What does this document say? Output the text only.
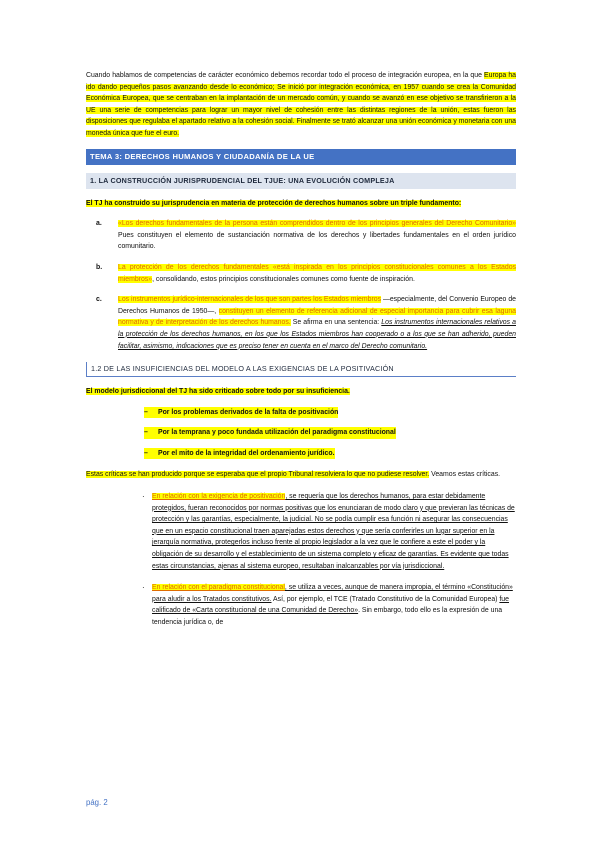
Cuando hablamos de competencias de carácter económico debemos recordar todo el proceso de integración europea, en la que Europa ha ido dando pequeños pasos avanzando desde lo económico; Se inició por integración económica, en 1957 cuando se crea la Comunidad Económica Europea, que se centraban en la implantación de un mercado común, y cuando se avanzó en ese objetivo se transfirieron a la UE una serie de competencias para lograr un mayor nivel de cohesión entre las distintas regiones de la unión, estas fueron las disposiciones que regulaba el apartado relativo a la cohesión social. Finalmente se trató alcanzar una unión económica y monetaria con una moneda única que fue el euro.

TEMA 3: DERECHOS HUMANOS Y CIUDADANÍA DE LA UE
1. LA CONSTRUCCIÓN JURISPRUDENCIAL DEL TJUE: UNA EVOLUCIÓN COMPLEJA

El TJ ha construido su jurisprudencia en materia de protección de derechos humanos sobre un triple fundamento:

a.	«Los derechos fundamentales de la persona están comprendidos dentro de los principios generales del Derecho Comunitario» Pues constituyen el elemento de sustanciación normativa de los derechos y libertades fundamentales en el orden jurídico comunitario.
b.	La protección de los derechos fundamentales «está inspirada en los principios constitucionales comunes a los Estados miembros», consolidando, estos principios constitucionales comunes como fuente de inspiración.
c.	Los instrumentos jurídico-internacionales de los que son partes los Estados miembros —especialmente, del Convenio Europeo de Derechos Humanos de 1950—, constituyen un elemento de referencia adicional de especial importancia para cubrir esa laguna normativa y de interpretación de los derechos humanos. Se afirma en una sentencia: Los instrumentos internacionales relativos a la protección de los derechos humanos, en los que los Estados miembros han cooperado o a los que se han adherido, pueden facilitar, asimismo, indicaciones que es preciso tener en cuenta en el marco del Derecho comunitario.
1.2 DE LAS INSUFICIENCIAS DEL MODELO A LAS EXIGENCIAS DE LA POSITIVACIÓN

El modelo jurisdiccional del TJ ha sido criticado sobre todo por su insuficiencia.

–	Por los problemas derivados de la falta de positivación
–	Por la temprana y poco fundada utilización del paradigma constitucional
–	Por el mito de la integridad del ordenamiento jurídico.

Estas críticas se han producido porque se esperaba que el propio Tribunal resolviera lo que no pudiese resolver. Veamos estas críticas.

·	En relación con la exigencia de positivación, se requería que los derechos humanos, para estar debidamente protegidos, fueran reconocidos por normas positivas que los enunciaran de modo claro y que previeran las técnicas de protección y las garantías, especialmente, la judicial. No se podía cumplir esa función ni asegurar las consecuencias que en un espacio constitucional traen aparejadas estos derechos y que sería conferirles un lugar superior en la jerarquía normativa, protegerlos incluso frente al propio legislador a la vez que le confiere a este el poder y la obligación de su desarrollo y el establecimiento de un sistema completo y eficaz de garantías. Es evidente que todas estas circunstancias, ajenas al sistema europeo, resultaban inalcanzables por vía jurisdiccional.
·	En relación con el paradigma constitucional, se utiliza a veces, aunque de manera impropia, el término «Constitución» para aludir a los Tratados constitutivos. Así, por ejemplo, el TCE (Tratado Constitutivo de la Comunidad Europea) fue calificado de «Carta constitucional de una Comunidad de Derecho». Sin embargo, todo ello es la expresión de una tendencia jurídica o, de
pág. 2
